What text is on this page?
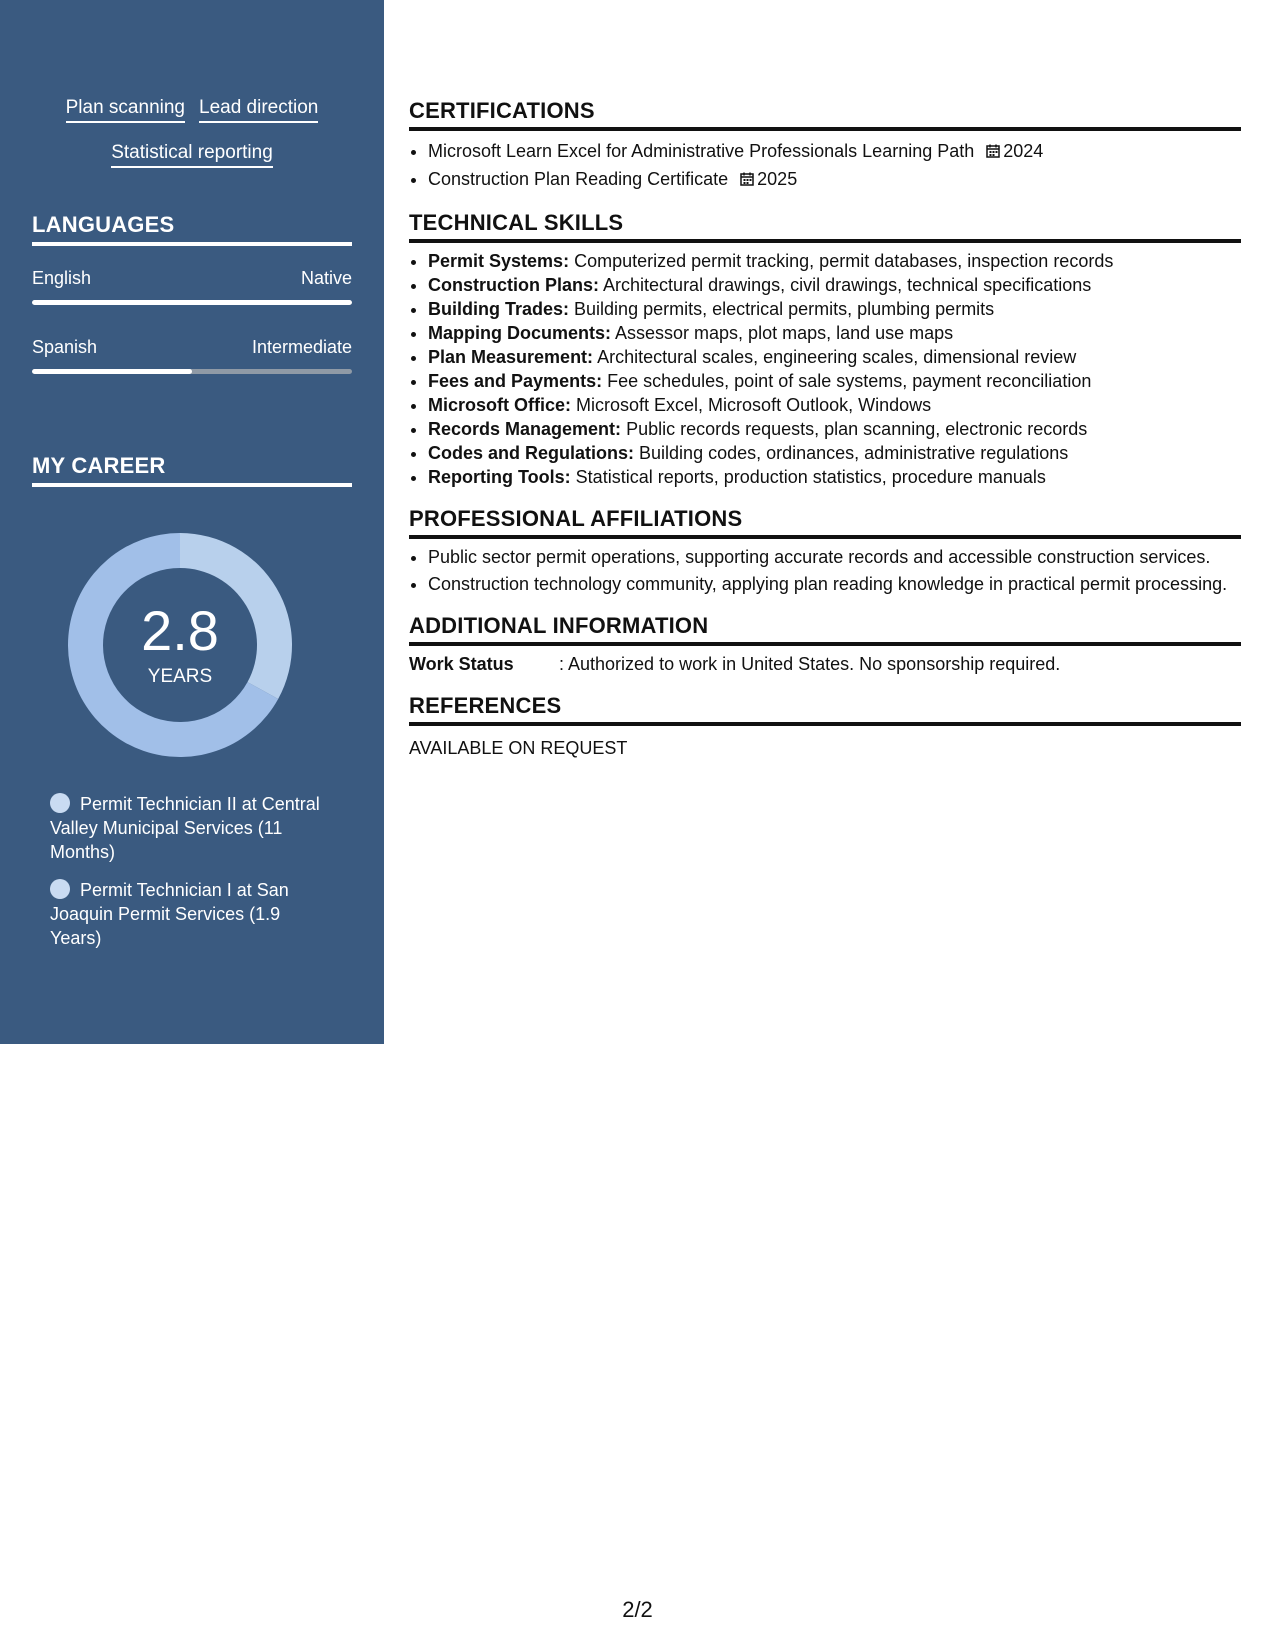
Plan scanning Lead direction
Statistical reporting
LANGUAGES
English	Native
Spanish	Intermediate
MY CAREER
2.8
YEARS
Permit Technician II at Central Valley Municipal Services (11 Months)
Permit Technician I at San Joaquin Permit Services (1.9 Years)
CERTIFICATIONS
• Microsoft Learn Excel for Administrative Professionals Learning Path 2024
• Construction Plan Reading Certificate 2025
TECHNICAL SKILLS
• Permit Systems: Computerized permit tracking, permit databases, inspection records
• Construction Plans: Architectural drawings, civil drawings, technical specifications
• Building Trades: Building permits, electrical permits, plumbing permits
• Mapping Documents: Assessor maps, plot maps, land use maps
• Plan Measurement: Architectural scales, engineering scales, dimensional review
• Fees and Payments: Fee schedules, point of sale systems, payment reconciliation
• Microsoft Office: Microsoft Excel, Microsoft Outlook, Windows
• Records Management: Public records requests, plan scanning, electronic records
• Codes and Regulations: Building codes, ordinances, administrative regulations
• Reporting Tools: Statistical reports, production statistics, procedure manuals
PROFESSIONAL AFFILIATIONS
• Public sector permit operations, supporting accurate records and accessible construction services.
• Construction technology community, applying plan reading knowledge in practical permit processing.
ADDITIONAL INFORMATION
Work Status	: Authorized to work in United States. No sponsorship required.
REFERENCES
AVAILABLE ON REQUEST
2/2
